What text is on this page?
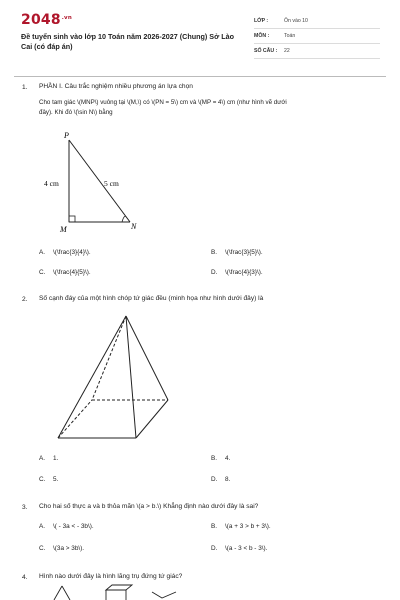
$2048^{.vn}$
Đề tuyển sinh vào lớp 10 Toán năm 2026-2027 (Chung) Sở Lào Cai (có đáp án)
LỚP :	Ôn vào 10
MÔN :	Toán
SỐ CÂU : 22
1. PHẦN I. Câu trắc nghiệm nhiều phương án lựa chọn
Cho tam giác \(MNP\) vuông tại \(M,\) có \(PN = 5\) cm và \(MP = 4\) cm (như hình vẽ dưới
đây). Khi đó \(\sin N\) bằng
P
M	N
4 cm	5 cm
A. \(\frac{3}{4}\).	B. \(\frac{3}{5}\).
C. \(\frac{4}{5}\).	D. \(\frac{4}{3}\).
2. Số cạnh đáy của một hình chóp tứ giác đều (minh họa như hình dưới đây) là
A. 1.	B. 4.
C. 5.	D. 8.
3. Cho hai số thực a và b thỏa mãn \(a > b.\) Khẳng định nào dưới đây là sai?
A. \( - 3a < - 3b\).	B. \(a + 3 > b + 3\).
C. \(3a > 3b\).	D. \(a - 3 < b - 3\).
4. Hình nào dưới đây là hình lăng trụ đứng tứ giác?
